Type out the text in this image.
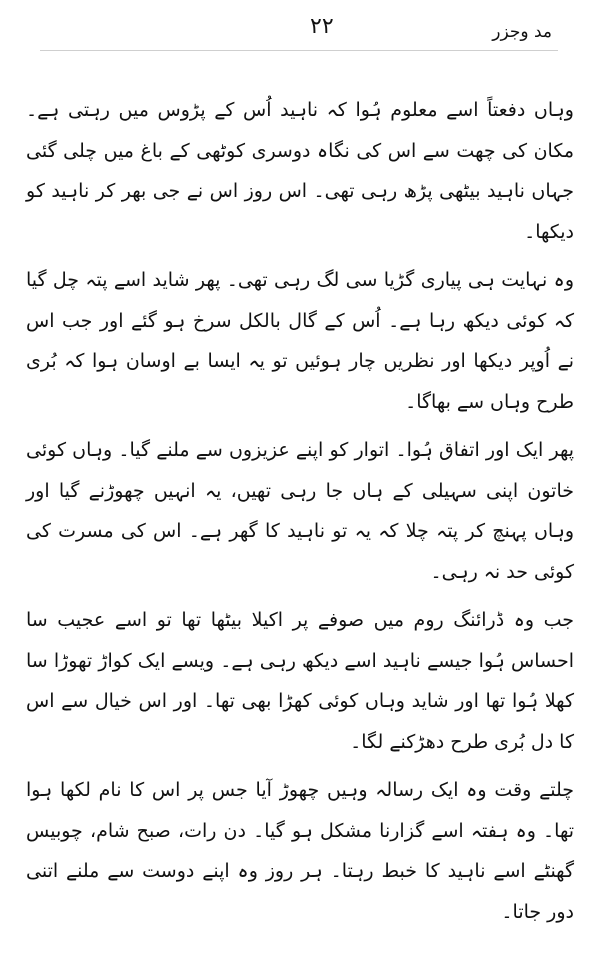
مد وجزر
۲۲

وہاں دفعتاً اسے معلوم ہُوا کہ ناہید اُس کے پڑوس میں رہتی ہے۔ مکان کی چھت سے اس کی نگاہ دوسری کوٹھی کے باغ میں چلی گئی جہاں ناہید بیٹھی پڑھ رہی تھی۔ اس روز اس نے جی بھر کر ناہید کو دیکھا۔

وہ نہایت ہی پیاری گڑیا سی لگ رہی تھی۔ پھر شاید اسے پتہ چل گیا کہ کوئی دیکھ رہا ہے۔ اُس کے گال بالکل سرخ ہو گئے اور جب اس نے اُوپر دیکھا اور نظریں چار ہوئیں تو یہ ایسا بے اوسان ہوا کہ بُری طرح وہاں سے بھاگا۔

پھر ایک اور اتفاق ہُوا۔ اتوار کو اپنے عزیزوں سے ملنے گیا۔ وہاں کوئی خاتون اپنی سہیلی کے ہاں جا رہی تھیں، یہ انہیں چھوڑنے گیا اور وہاں پہنچ کر پتہ چلا کہ یہ تو ناہید کا گھر ہے۔ اس کی مسرت کی کوئی حد نہ رہی۔

جب وہ ڈرائنگ روم میں صوفے پر اکیلا بیٹھا تھا تو اسے عجیب سا احساس ہُوا جیسے ناہید اسے دیکھ رہی ہے۔ ویسے ایک کواڑ تھوڑا سا کھلا ہُوا تھا اور شاید وہاں کوئی کھڑا بھی تھا۔ اور اس خیال سے اس کا دل بُری طرح دھڑکنے لگا۔

چلتے وقت وہ ایک رسالہ وہیں چھوڑ آیا جس پر اس کا نام لکھا ہوا تھا۔ وہ ہفتہ اسے گزارنا مشکل ہو گیا۔ دن رات، صبح شام، چوبیس گھنٹے اسے ناہید کا خبط رہتا۔ ہر روز وہ اپنے دوست سے ملنے اتنی دور جاتا۔
